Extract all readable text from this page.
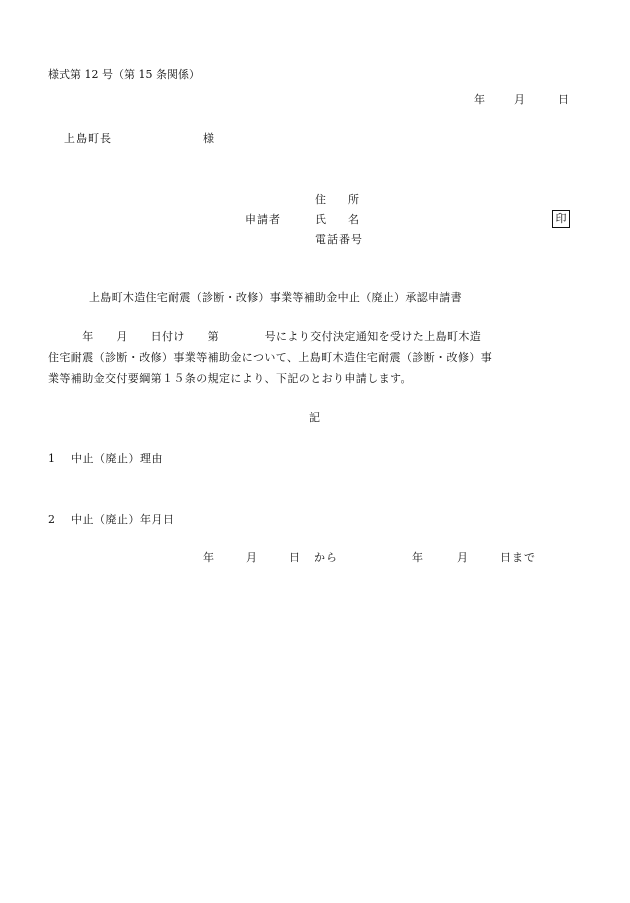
様式第 12 号（第 15 条関係）
年	月	日
上島町長	様
住　　所
申請者	氏　　名	印
電話番号
上島町木造住宅耐震（診断・改修）事業等補助金中止（廃止）承認申請書
　　　年　　月　　日付け　　第　　　　号により交付決定通知を受けた上島町木造
住宅耐震（診断・改修）事業等補助金について、上島町木造住宅耐震（診断・改修）事
業等補助金交付要綱第１５条の規定により、下記のとおり申請します。
記
1　 中止（廃止）理由
2　 中止（廃止）年月日
年	月	日 から	年	月	日まで
